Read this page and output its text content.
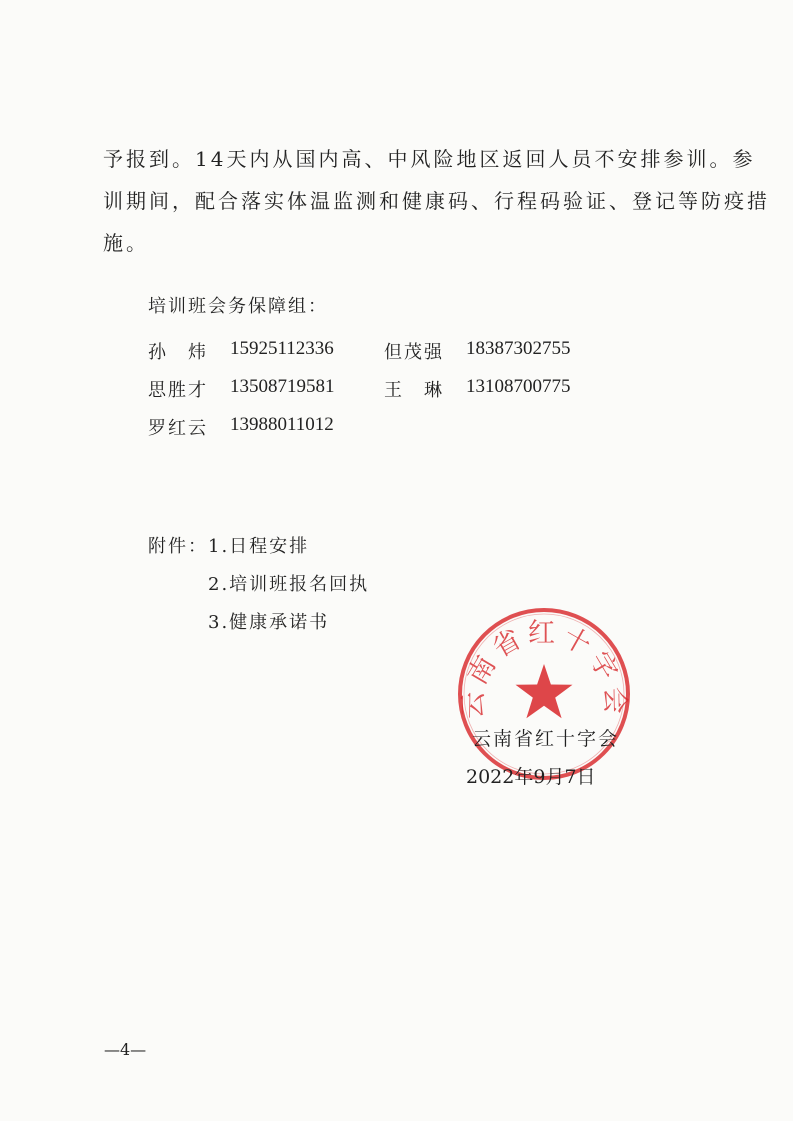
予报到。14天内从国内高、中风险地区返回人员不安排参训。参
训期间，配合落实体温监测和健康码、行程码验证、登记等防疫措
施。

培训班会务保障组：
孙　炜	15925112336	但茂强	18387302755
思胜才	13508719581	王　琳	13108700775
罗红云	13988011012
附件： 1.日程安排
2.培训班报名回执
3.健康承诺书
云南省红十字会
云南省红十字会
2022年9月7日
—4—
